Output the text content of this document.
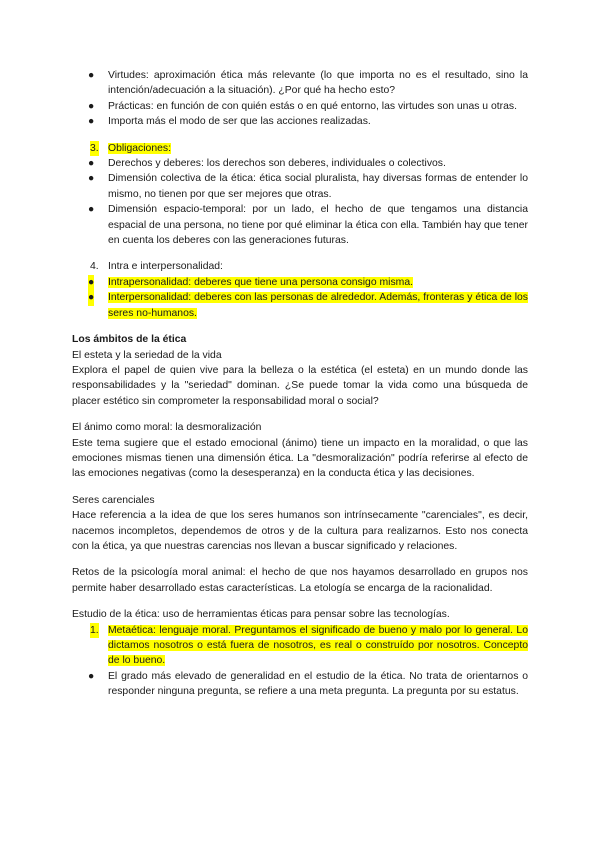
● Virtudes: aproximación ética más relevante (lo que importa no es el resultado, sino la intención/adecuación a la situación). ¿Por qué ha hecho esto?

● Prácticas: en función de con quién estás o en qué entorno, las virtudes son unas u otras.

● Importa más el modo de ser que las acciones realizadas.

3. Obligaciones:

● Derechos y deberes: los derechos son deberes, individuales o colectivos.

● Dimensión colectiva de la ética: ética social pluralista, hay diversas formas de entender lo mismo, no tienen por que ser mejores que otras.

● Dimensión espacio-temporal: por un lado, el hecho de que tengamos una distancia espacial de una persona, no tiene por qué eliminar la ética con ella. También hay que tener en cuenta los deberes con las generaciones futuras.

4. Intra e interpersonalidad:

● Intrapersonalidad: deberes que tiene una persona consigo misma.

● Interpersonalidad: deberes con las personas de alrededor. Además, fronteras y ética de los seres no-humanos.

Los ámbitos de la ética

El esteta y la seriedad de la vida

Explora el papel de quien vive para la belleza o la estética (el esteta) en un mundo donde las responsabilidades y la "seriedad" dominan. ¿Se puede tomar la vida como una búsqueda de placer estético sin comprometer la responsabilidad moral o social?

El ánimo como moral: la desmoralización

Este tema sugiere que el estado emocional (ánimo) tiene un impacto en la moralidad, o que las emociones mismas tienen una dimensión ética. La "desmoralización" podría referirse al efecto de las emociones negativas (como la desesperanza) en la conducta ética y las decisiones.

Seres carenciales

Hace referencia a la idea de que los seres humanos son intrínsecamente "carenciales", es decir, nacemos incompletos, dependemos de otros y de la cultura para realizarnos. Esto nos conecta con la ética, ya que nuestras carencias nos llevan a buscar significado y relaciones.

Retos de la psicología moral animal: el hecho de que nos hayamos desarrollado en grupos nos permite haber desarrollado estas características. La etología se encarga de la racionalidad.

Estudio de la ética: uso de herramientas éticas para pensar sobre las tecnologías.

1. Metaética: lenguaje moral. Preguntamos el significado de bueno y malo por lo general. Lo dictamos nosotros o está fuera de nosotros, es real o construído por nosotros. Concepto de lo bueno.

● El grado más elevado de generalidad en el estudio de la ética. No trata de orientarnos o responder ninguna pregunta, se refiere a una meta pregunta. La pregunta por su estatus.
